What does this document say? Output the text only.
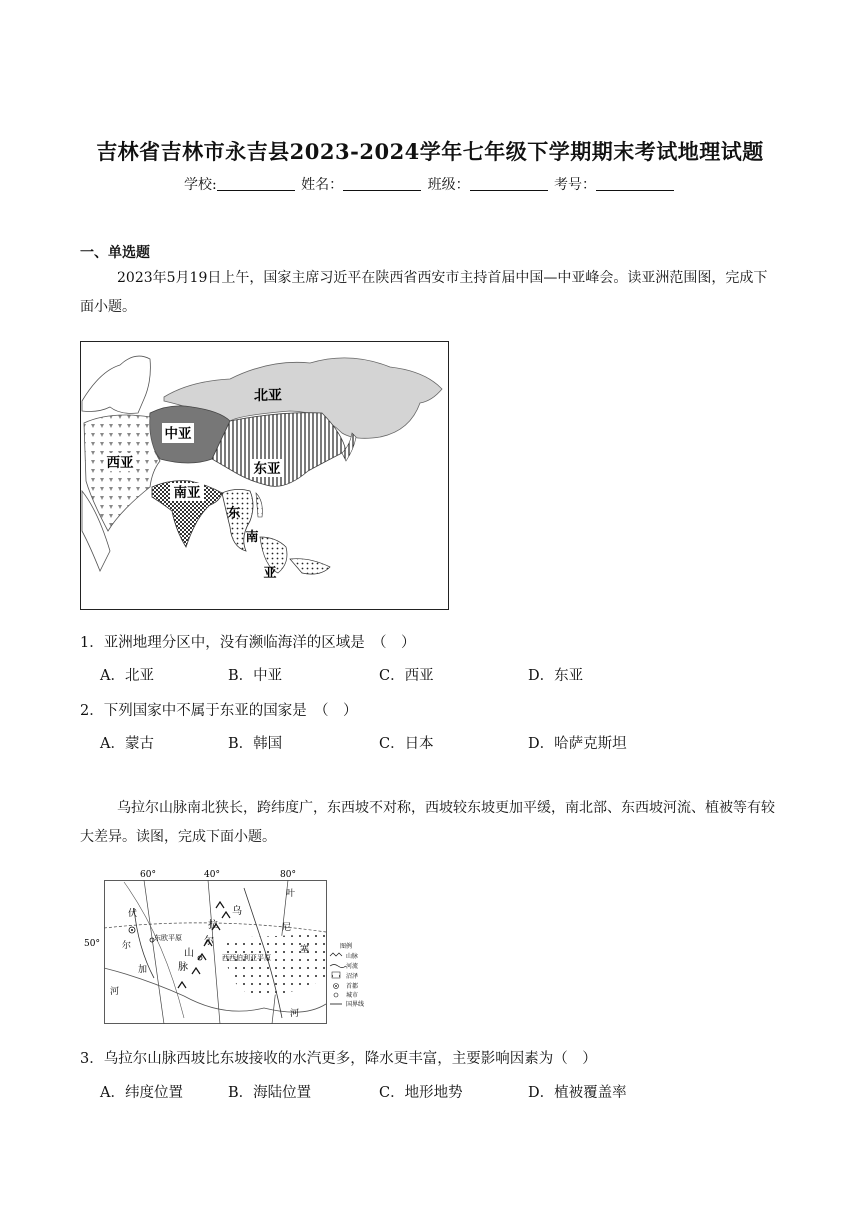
吉林省吉林市永吉县2023-2024学年七年级下学期期末考试地理试题
学校:	姓名：	班级：	考号：
一、单选题
2023年5月19日上午，国家主席习近平在陕西省西安市主持首届中国—中亚峰会。读亚洲范围图，完成下面小题。
北亚
中亚
西亚	东亚
南亚
东
南
亚
1．亚洲地理分区中，没有濒临海洋的区域是　（　）
A．北亚	B．中亚	C．西亚	D．东亚
2．下列国家中不属于东亚的国家是　（　）
A．蒙古	B．韩国	C．日本	D．哈萨克斯坦
乌拉尔山脉南北狭长，跨纬度广，东西坡不对称，西坡较东坡更加平缓，南北部、东西坡河流、植被等有较大差异。读图，完成下面小题。
60°	40°	80°
50°
乌
拉
尔
山
脉
伏
尔
加
河
叶
尼
塞
河
东欧平原
西西伯利亚平原
图例
山脉
河流
沼泽
首都
城市
国界线
3．乌拉尔山脉西坡比东坡接收的水汽更多，降水更丰富，主要影响因素为（　）
A．纬度位置	B．海陆位置	C．地形地势	D．植被覆盖率
